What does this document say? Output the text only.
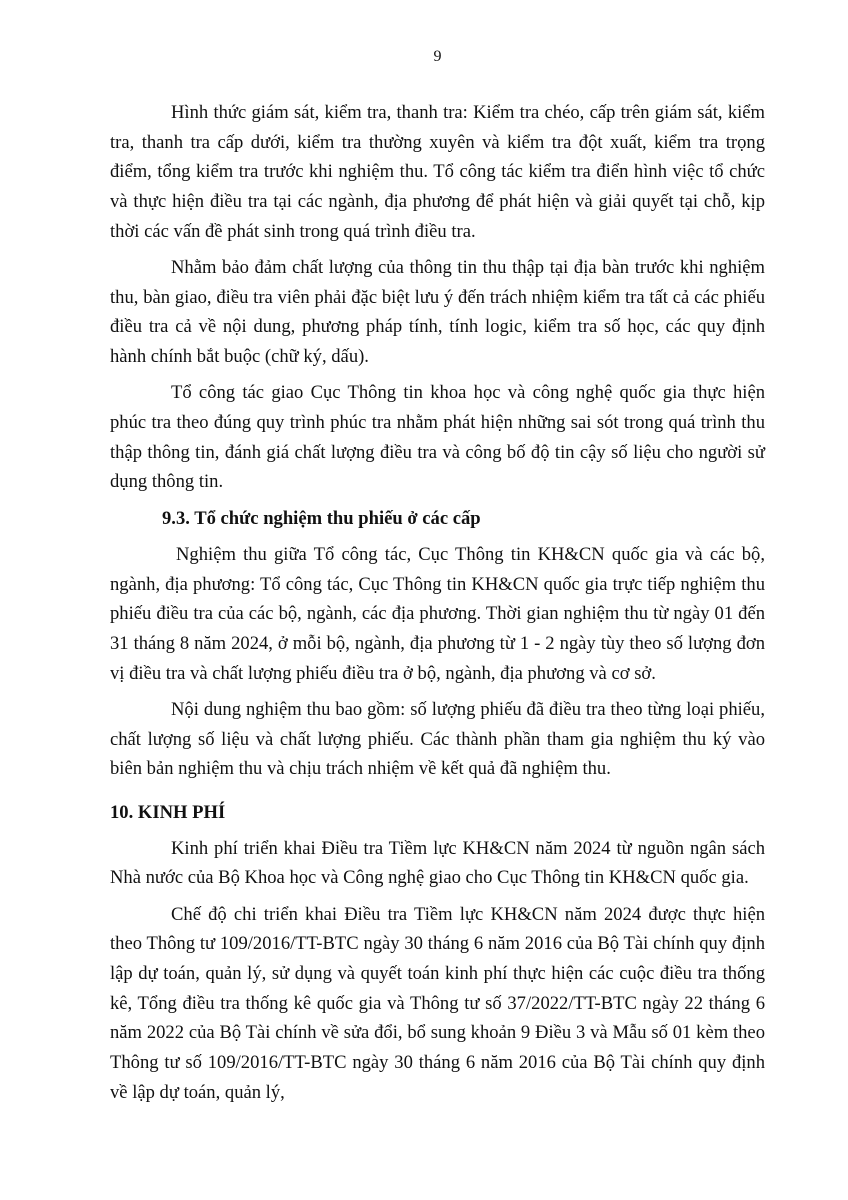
9

Hình thức giám sát, kiểm tra, thanh tra: Kiểm tra chéo, cấp trên giám sát, kiểm tra, thanh tra cấp dưới, kiểm tra thường xuyên và kiểm tra đột xuất, kiểm tra trọng điểm, tổng kiểm tra trước khi nghiệm thu. Tổ công tác kiểm tra điển hình việc tổ chức và thực hiện điều tra tại các ngành, địa phương để phát hiện và giải quyết tại chỗ, kịp thời các vấn đề phát sinh trong quá trình điều tra.

Nhằm bảo đảm chất lượng của thông tin thu thập tại địa bàn trước khi nghiệm thu, bàn giao, điều tra viên phải đặc biệt lưu ý đến trách nhiệm kiểm tra tất cả các phiếu điều tra cả về nội dung, phương pháp tính, tính logic, kiểm tra số học, các quy định hành chính bắt buộc (chữ ký, dấu).

Tổ công tác giao Cục Thông tin khoa học và công nghệ quốc gia thực hiện phúc tra theo đúng quy trình phúc tra nhằm phát hiện những sai sót trong quá trình thu thập thông tin, đánh giá chất lượng điều tra và công bố độ tin cậy số liệu cho người sử dụng thông tin.

9.3. Tổ chức nghiệm thu phiếu ở các cấp

Nghiệm thu giữa Tổ công tác, Cục Thông tin KH&CN quốc gia và các bộ, ngành, địa phương: Tổ công tác, Cục Thông tin KH&CN quốc gia trực tiếp nghiệm thu phiếu điều tra của các bộ, ngành, các địa phương. Thời gian nghiệm thu từ ngày 01 đến 31 tháng 8 năm 2024, ở mỗi bộ, ngành, địa phương từ 1 - 2 ngày tùy theo số lượng đơn vị điều tra và chất lượng phiếu điều tra ở bộ, ngành, địa phương và cơ sở.

Nội dung nghiệm thu bao gồm: số lượng phiếu đã điều tra theo từng loại phiếu, chất lượng số liệu và chất lượng phiếu. Các thành phần tham gia nghiệm thu ký vào biên bản nghiệm thu và chịu trách nhiệm về kết quả đã nghiệm thu.

10. KINH PHÍ

Kinh phí triển khai Điều tra Tiềm lực KH&CN năm 2024 từ nguồn ngân sách Nhà nước của Bộ Khoa học và Công nghệ giao cho Cục Thông tin KH&CN quốc gia.

Chế độ chi triển khai Điều tra Tiềm lực KH&CN năm 2024 được thực hiện theo Thông tư 109/2016/TT-BTC ngày 30 tháng 6 năm 2016 của Bộ Tài chính quy định lập dự toán, quản lý, sử dụng và quyết toán kinh phí thực hiện các cuộc điều tra thống kê, Tổng điều tra thống kê quốc gia và Thông tư số 37/2022/TT-BTC ngày 22 tháng 6 năm 2022 của Bộ Tài chính về sửa đổi, bổ sung khoản 9 Điều 3 và Mẫu số 01 kèm theo Thông tư số 109/2016/TT-BTC ngày 30 tháng 6 năm 2016 của Bộ Tài chính quy định về lập dự toán, quản lý,
